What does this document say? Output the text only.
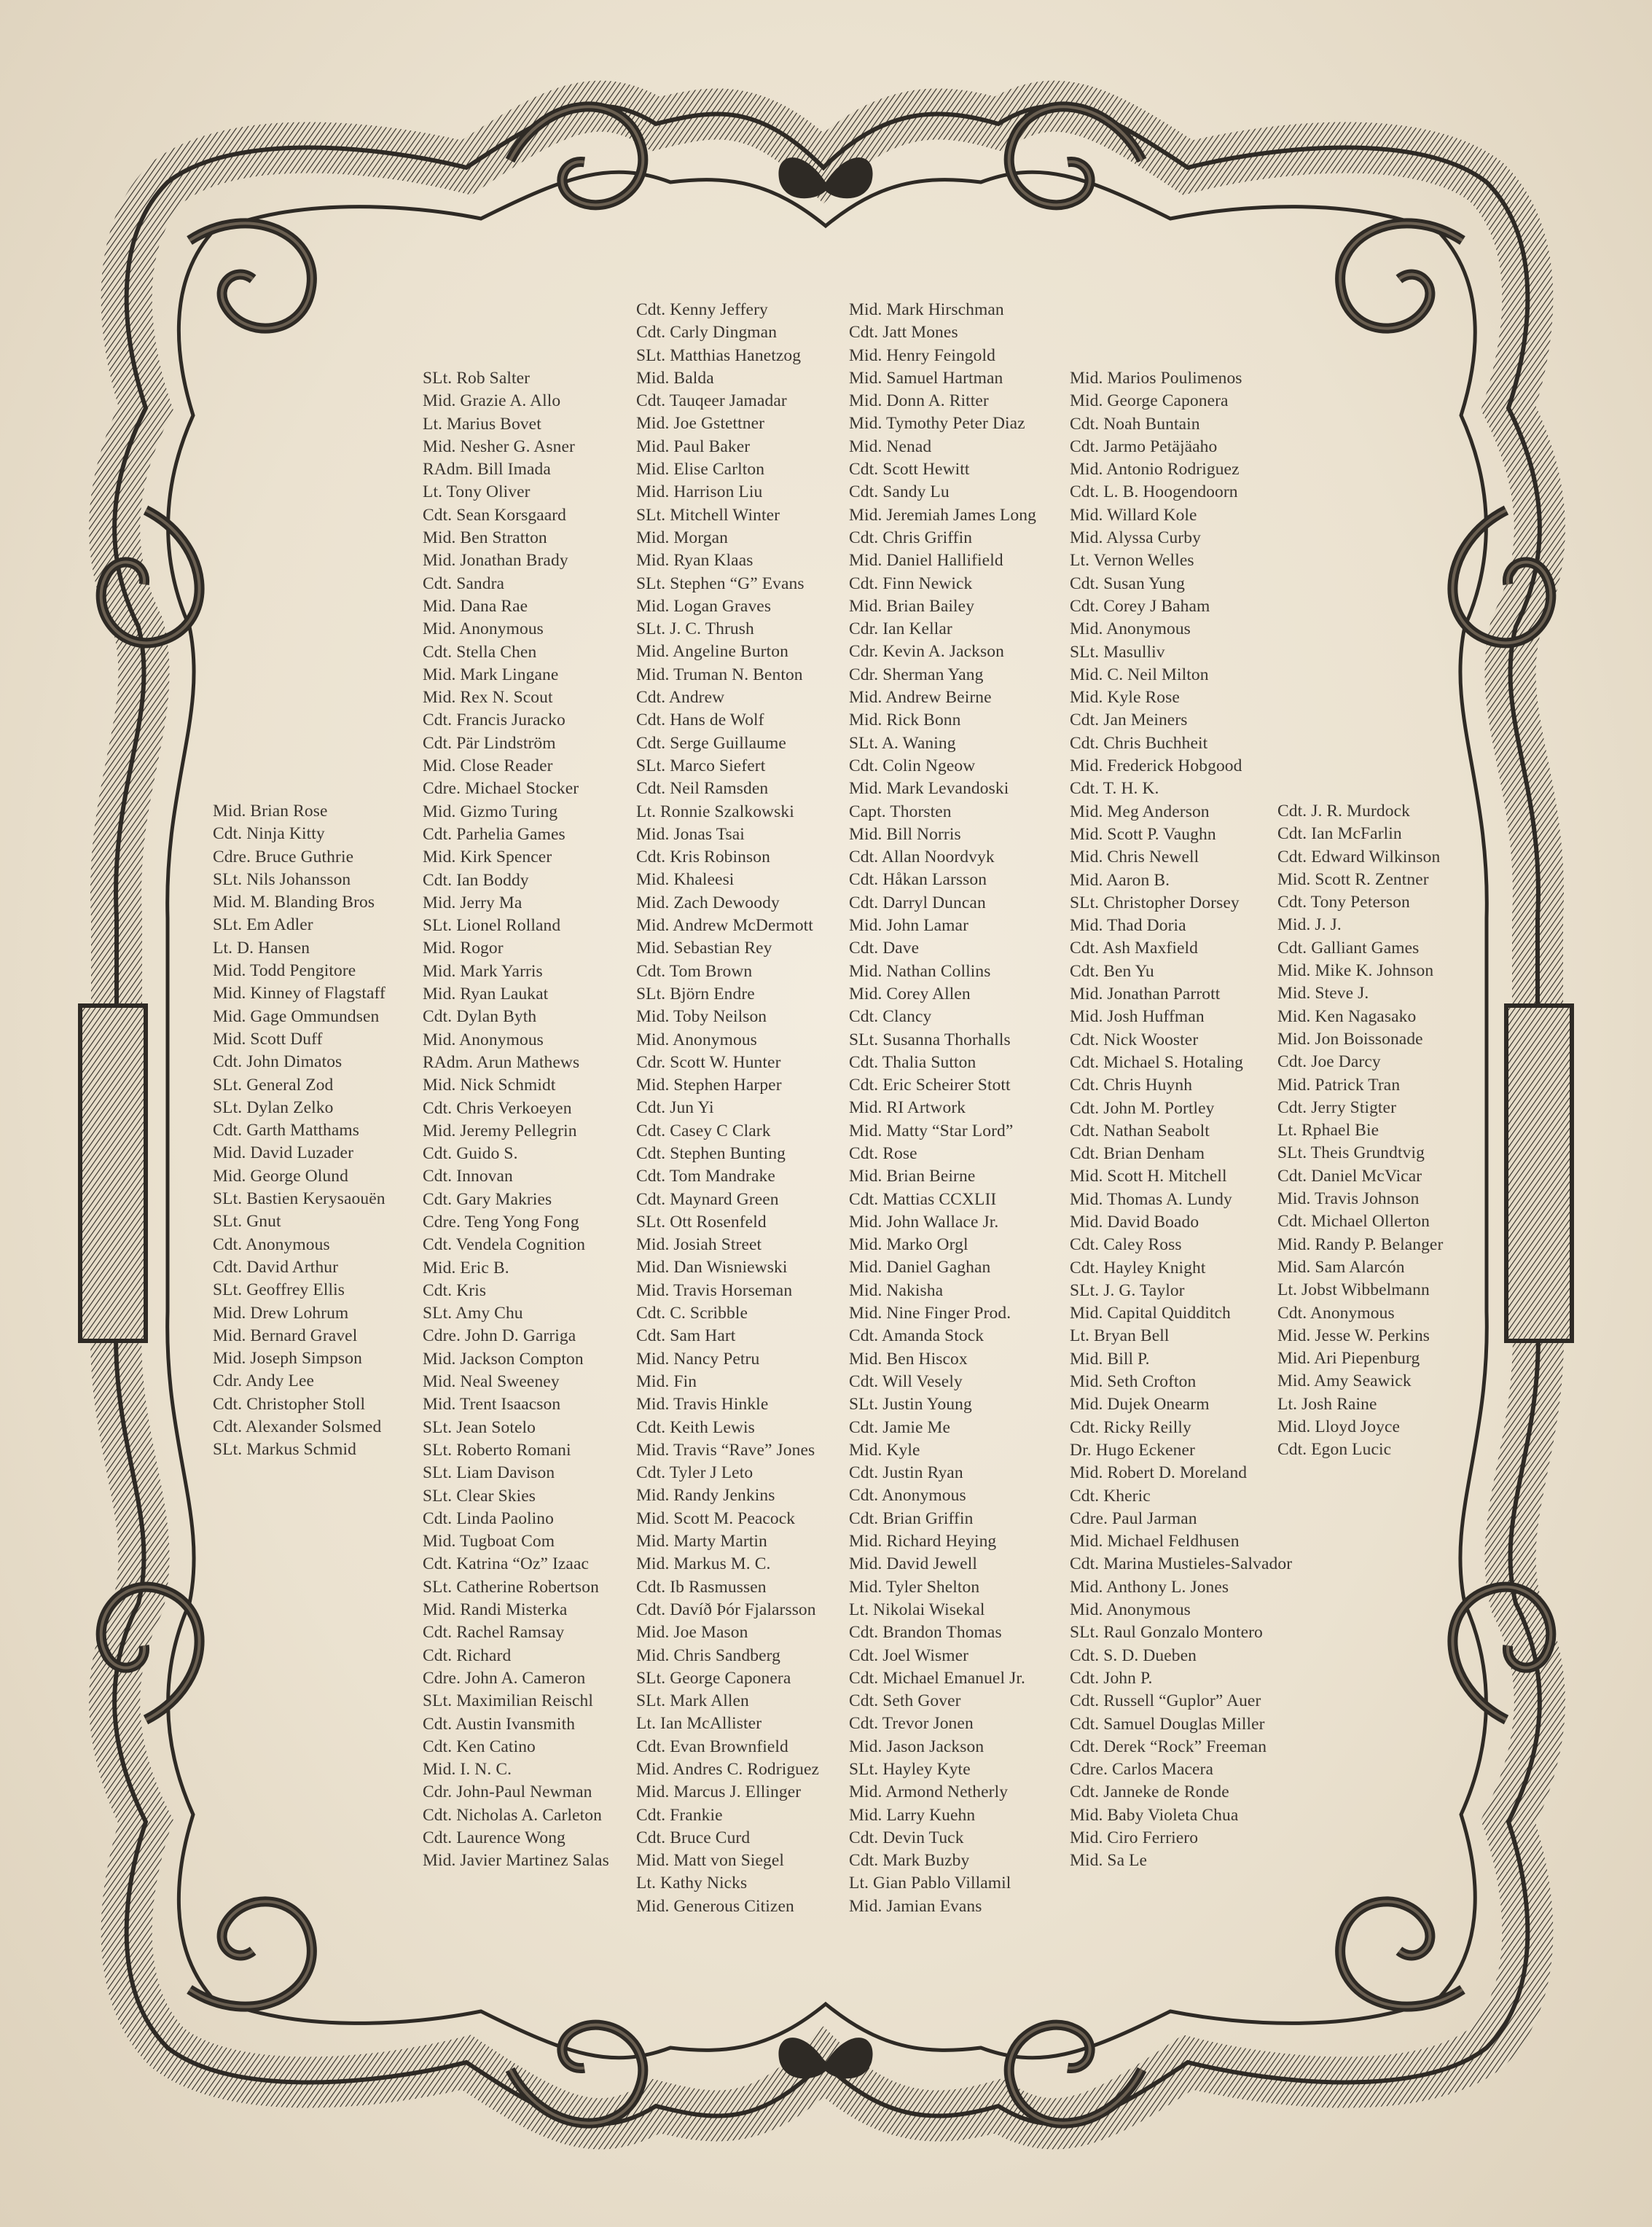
Mid. Brian Rose
Cdt. Ninja Kitty
Cdre. Bruce Guthrie
SLt. Nils Johansson
Mid. M. Blanding Bros
SLt. Em Adler
Lt. D. Hansen
Mid. Todd Pengitore
Mid. Kinney of Flagstaff
Mid. Gage Ommundsen
Mid. Scott Duff
Cdt. John Dimatos
SLt. General Zod
SLt. Dylan Zelko
Cdt. Garth Matthams
Mid. David Luzader
Mid. George Olund
SLt. Bastien Kerysaouën
SLt. Gnut
Cdt. Anonymous
Cdt. David Arthur
SLt. Geoffrey Ellis
Mid. Drew Lohrum
Mid. Bernard Gravel
Mid. Joseph Simpson
Cdr. Andy Lee
Cdt. Christopher Stoll
Cdt. Alexander Solsmed
SLt. Markus Schmid
SLt. Rob Salter
Mid. Grazie A. Allo
Lt. Marius Bovet
Mid. Nesher G. Asner
RAdm. Bill Imada
Lt. Tony Oliver
Cdt. Sean Korsgaard
Mid. Ben Stratton
Mid. Jonathan Brady
Cdt. Sandra
Mid. Dana Rae
Mid. Anonymous
Cdt. Stella Chen
Mid. Mark Lingane
Mid. Rex N. Scout
Cdt. Francis Juracko
Cdt. Pär Lindström
Mid. Close Reader
Cdre. Michael Stocker
Mid. Gizmo Turing
Cdt. Parhelia Games
Mid. Kirk Spencer
Cdt. Ian Boddy
Mid. Jerry Ma
SLt. Lionel Rolland
Mid. Rogor
Mid. Mark Yarris
Mid. Ryan Laukat
Cdt. Dylan Byth
Mid. Anonymous
RAdm. Arun Mathews
Mid. Nick Schmidt
Cdt. Chris Verkoeyen
Mid. Jeremy Pellegrin
Cdt. Guido S.
Cdt. Innovan
Cdt. Gary Makries
Cdre. Teng Yong Fong
Cdt. Vendela Cognition
Mid. Eric B.
Cdt. Kris
SLt. Amy Chu
Cdre. John D. Garriga
Mid. Jackson Compton
Mid. Neal Sweeney
Mid. Trent Isaacson
SLt. Jean Sotelo
SLt. Roberto Romani
SLt. Liam Davison
SLt. Clear Skies
Cdt. Linda Paolino
Mid. Tugboat Com
Cdt. Katrina “Oz” Izaac
SLt. Catherine Robertson
Mid. Randi Misterka
Cdt. Rachel Ramsay
Cdt. Richard
Cdre. John A. Cameron
SLt. Maximilian Reischl
Cdt. Austin Ivansmith
Cdt. Ken Catino
Mid. I. N. C.
Cdr. John-Paul Newman
Cdt. Nicholas A. Carleton
Cdt. Laurence Wong
Mid. Javier Martinez Salas
Cdt. Kenny Jeffery
Cdt. Carly Dingman
SLt. Matthias Hanetzog
Mid. Balda
Cdt. Tauqeer Jamadar
Mid. Joe Gstettner
Mid. Paul Baker
Mid. Elise Carlton
Mid. Harrison Liu
SLt. Mitchell Winter
Mid. Morgan
Mid. Ryan Klaas
SLt. Stephen “G” Evans
Mid. Logan Graves
SLt. J. C. Thrush
Mid. Angeline Burton
Mid. Truman N. Benton
Cdt. Andrew
Cdt. Hans de Wolf
Cdt. Serge Guillaume
SLt. Marco Siefert
Cdt. Neil Ramsden
Lt. Ronnie Szalkowski
Mid. Jonas Tsai
Cdt. Kris Robinson
Mid. Khaleesi
Mid. Zach Dewoody
Mid. Andrew McDermott
Mid. Sebastian Rey
Cdt. Tom Brown
SLt. Björn Endre
Mid. Toby Neilson
Mid. Anonymous
Cdr. Scott W. Hunter
Mid. Stephen Harper
Cdt. Jun Yi
Cdt. Casey C Clark
Cdt. Stephen Bunting
Cdt. Tom Mandrake
Cdt. Maynard Green
SLt. Ott Rosenfeld
Mid. Josiah Street
Mid. Dan Wisniewski
Mid. Travis Horseman
Cdt. C. Scribble
Cdt. Sam Hart
Mid. Nancy Petru
Mid. Fin
Mid. Travis Hinkle
Cdt. Keith Lewis
Mid. Travis “Rave” Jones
Cdt. Tyler J Leto
Mid. Randy Jenkins
Mid. Scott M. Peacock
Mid. Marty Martin
Mid. Markus M. C.
Cdt. Ib Rasmussen
Cdt. Davíð Þór Fjalarsson
Mid. Joe Mason
Mid. Chris Sandberg
SLt. George Caponera
SLt. Mark Allen
Lt. Ian McAllister
Cdt. Evan Brownfield
Mid. Andres C. Rodriguez
Mid. Marcus J. Ellinger
Cdt. Frankie
Cdt. Bruce Curd
Mid. Matt von Siegel
Lt. Kathy Nicks
Mid. Generous Citizen
Mid. Mark Hirschman
Cdt. Jatt Mones
Mid. Henry Feingold
Mid. Samuel Hartman
Mid. Donn A. Ritter
Mid. Tymothy Peter Diaz
Mid. Nenad
Cdt. Scott Hewitt
Cdt. Sandy Lu
Mid. Jeremiah James Long
Cdt. Chris Griffin
Mid. Daniel Hallifield
Cdt. Finn Newick
Mid. Brian Bailey
Cdr. Ian Kellar
Cdr. Kevin A. Jackson
Cdr. Sherman Yang
Mid. Andrew Beirne
Mid. Rick Bonn
SLt. A. Waning
Cdt. Colin Ngeow
Mid. Mark Levandoski
Capt. Thorsten
Mid. Bill Norris
Cdt. Allan Noordvyk
Cdt. Håkan Larsson
Cdt. Darryl Duncan
Mid. John Lamar
Cdt. Dave
Mid. Nathan Collins
Mid. Corey Allen
Cdt. Clancy
SLt. Susanna Thorhalls
Cdt. Thalia Sutton
Cdt. Eric Scheirer Stott
Mid. RI Artwork
Mid. Matty “Star Lord”
Cdt. Rose
Mid. Brian Beirne
Cdt. Mattias CCXLII
Mid. John Wallace Jr.
Mid. Marko Orgl
Mid. Daniel Gaghan
Mid. Nakisha
Mid. Nine Finger Prod.
Cdt. Amanda Stock
Mid. Ben Hiscox
Cdt. Will Vesely
SLt. Justin Young
Cdt. Jamie Me
Mid. Kyle
Cdt. Justin Ryan
Cdt. Anonymous
Cdt. Brian Griffin
Mid. Richard Heying
Mid. David Jewell
Mid. Tyler Shelton
Lt. Nikolai Wisekal
Cdt. Brandon Thomas
Cdt. Joel Wismer
Cdt. Michael Emanuel Jr.
Cdt. Seth Gover
Cdt. Trevor Jonen
Mid. Jason Jackson
SLt. Hayley Kyte
Mid. Armond Netherly
Mid. Larry Kuehn
Cdt. Devin Tuck
Cdt. Mark Buzby
Lt. Gian Pablo Villamil
Mid. Jamian Evans
Mid. Marios Poulimenos
Mid. George Caponera
Cdt. Noah Buntain
Cdt. Jarmo Petäjäaho
Mid. Antonio Rodriguez
Cdt. L. B. Hoogendoorn
Mid. Willard Kole
Mid. Alyssa Curby
Lt. Vernon Welles
Cdt. Susan Yung
Cdt. Corey J Baham
Mid. Anonymous
SLt. Masulliv
Mid. C. Neil Milton
Mid. Kyle Rose
Cdt. Jan Meiners
Cdt. Chris Buchheit
Mid. Frederick Hobgood
Cdt. T. H. K.
Mid. Meg Anderson
Mid. Scott P. Vaughn
Mid. Chris Newell
Mid. Aaron B.
SLt. Christopher Dorsey
Mid. Thad Doria
Cdt. Ash Maxfield
Cdt. Ben Yu
Mid. Jonathan Parrott
Mid. Josh Huffman
Cdt. Nick Wooster
Cdt. Michael S. Hotaling
Cdt. Chris Huynh
Cdt. John M. Portley
Cdt. Nathan Seabolt
Cdt. Brian Denham
Mid. Scott H. Mitchell
Mid. Thomas A. Lundy
Mid. David Boado
Cdt. Caley Ross
Cdt. Hayley Knight
SLt. J. G. Taylor
Mid. Capital Quidditch
Lt. Bryan Bell
Mid. Bill P.
Mid. Seth Crofton
Mid. Dujek Onearm
Cdt. Ricky Reilly
Dr. Hugo Eckener
Mid. Robert D. Moreland
Cdt. Kheric
Cdre. Paul Jarman
Mid. Michael Feldhusen
Cdt. Marina Mustieles-Salvador
Mid. Anthony L. Jones
Mid. Anonymous
SLt. Raul Gonzalo Montero
Cdt. S. D. Dueben
Cdt. John P.
Cdt. Russell “Guplor” Auer
Cdt. Samuel Douglas Miller
Cdt. Derek “Rock” Freeman
Cdre. Carlos Macera
Cdt. Janneke de Ronde
Mid. Baby Violeta Chua
Mid. Ciro Ferriero
Mid. Sa Le
Cdt. J. R. Murdock
Cdt. Ian McFarlin
Cdt. Edward Wilkinson
Mid. Scott R. Zentner
Cdt. Tony Peterson
Mid. J. J.
Cdt. Galliant Games
Mid. Mike K. Johnson
Mid. Steve J.
Mid. Ken Nagasako
Mid. Jon Boissonade
Cdt. Joe Darcy
Mid. Patrick Tran
Cdt. Jerry Stigter
Lt. Rphael Bie
SLt. Theis Grundtvig
Cdt. Daniel McVicar
Mid. Travis Johnson
Cdt. Michael Ollerton
Mid. Randy P. Belanger
Mid. Sam Alarcón
Lt. Jobst Wibbelmann
Cdt. Anonymous
Mid. Jesse W. Perkins
Mid. Ari Piepenburg
Mid. Amy Seawick
Lt. Josh Raine
Mid. Lloyd Joyce
Cdt. Egon Lucic
